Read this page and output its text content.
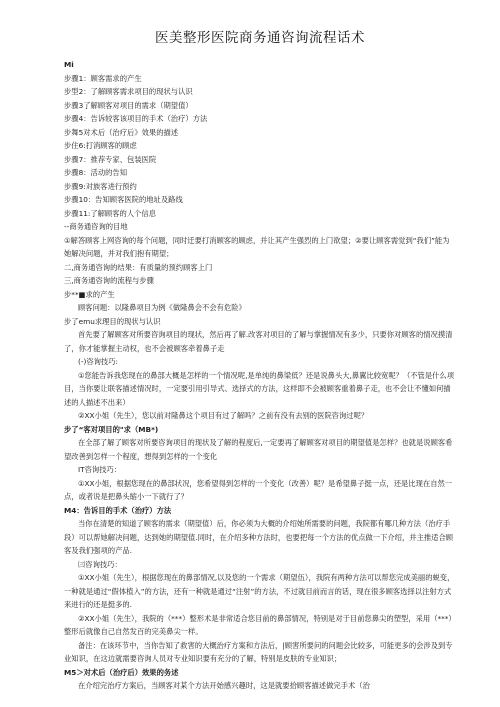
医美整形医院商务通咨询流程话术
Mi
步骤1：顾客需求的产生
步型2：了解顾客需求项目的现状与认识
步骤3了解顾客对项目的需求（期望值）
步骤4：告诉较客该项目的手术（治疗）方法
步舞5对术后（治疗后》效果的描述
步住6:打消顾客的顾虑
步骤7：推荐专家、包装医院
步骤8：活动的告知
步骤9:对族客进行预约
步骤10：告知顾客医院的地址及路线
步骤11:了解顾客的人个信息
--商务通咨询的目地
①解答顾客上网咨询的每个问题，同时迁要打消顾客的顾虑，并让其产生强烈的上门欲望；②要让顾客需觉到“我们”能为她解决问题，并对我们抱有期望；
二,商务通咨询的结果：有质量的预约顾客上门
三,商务通咨询的流程与步骤
步**■求的产生
顾客问题：以隆鼻项目为例《做隆鼻会不会有危险》
步了emu求理目的现状与认识
首先要了解顾客对所要咨询项目的现状，然后再了解.改客对项目的了解与掌握情况有多少，只要你对顾客的情况摸清了，你才能掌握主动权，也不会被顾客牵着鼻子走
(-)咨询技巧:
①您能告诉我您现在的鼻部大概是怎样的一个情况呢,是单纯的鼻梁低？还是说鼻头大,鼻翼比较宽呢？（不管是什么项目，当你要让联客描述情况时，一定要引用引导式、选择式的方法，这样即不会被顾客重着鼻子走，也不会让不懂如何描述的人描述不出来）
②XX小姐（先生），您以前对隆鼻这个项目有过了解吗？之前有没有去别的医院咨询过呢？
步了“客对项目的"求（MB*)
在全部了解了顾客对所要咨询项目的现状及了解的程度后,一定要再了解顾客对项目的期望值是怎样？也就是说顾客希望改善到怎样一个程度，想得到怎样的一个变化
IT咨询技巧：
①XX小姐，根据您现在的鼻部状况，您希望得到怎样的一个变化（改善）呢？是希望鼻子挺一点，还是比现在自然一点，或者说是把鼻头缩小一下就行了？
M4：告诉目的手术（治疗）方法
当你在清楚的知道了顾客的需求（期望值）后，你必须为大概的介绍她所需要的问题，我院都有哪几种方法（治疗手段）可以帮她解决问题，达到她的期望值.同时，在介绍多种方法时，也要把每一个方法的优点做一下介绍，并主推适合顾客及我们强项的产品.
㈢咨询技巧：
①XX小姐（先生），根据您现在的鼻部情况,以及您的一个需求（期望伍），我院有两种方法可以帮您完成美丽的蜕变，一种就是通过“假体植入”的方法，还有一种就是通过“注射”的方法，不过就目前而言的话，现在很多顾客选择以注射方式来进行的还是挺多的.
②XX小姐（先生），我院的（***）整形术是非常适合您目前的鼻部情况，特别是对于目前您鼻尖的塑型，采用（***）整形后就像自己自然发百的完美鼻尖一样。
备注：在该环节中，当你告知了救害的大概治疗方案和方法后，|顾害所要问的问题会比较多，可能更多的会涉及到专业知识，在这边就需要咨询人员对专业知识要有充分的了解，特别是皮肤的专业知识；
M5＞对术后（治疗后）效果的务述
在介绍完治疗方案后，当顾客对某个方法开始感兴趣时，这是就要拾顾客描述做完手术（治
